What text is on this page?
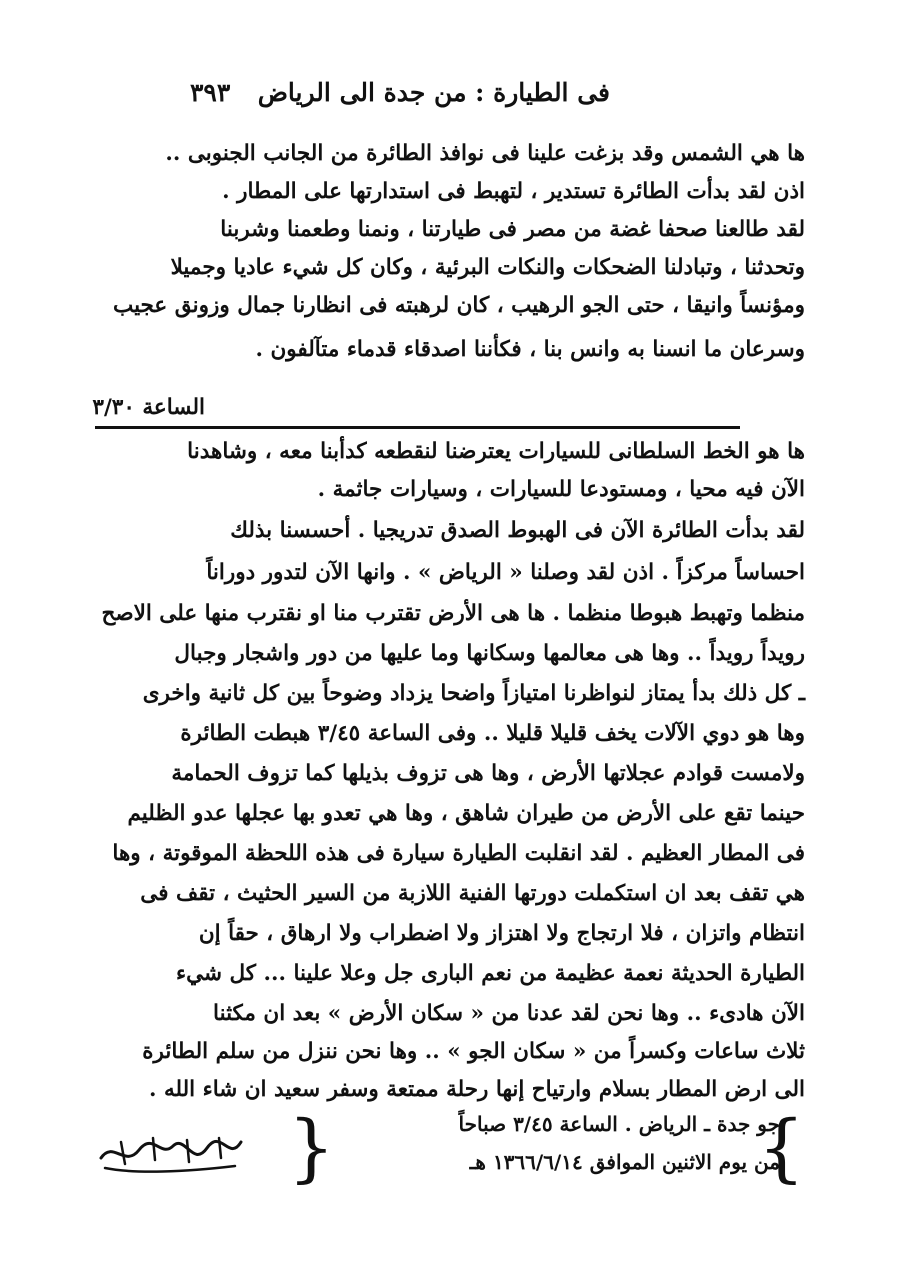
فى الطيارة : من جدة الى الرياض
٣٩٣
ها هي الشمس وقد بزغت علينا فى نوافذ الطائرة من الجانب الجنوبى ..
اذن لقد بدأت الطائرة تستدير ، لتهبط فى استدارتها على المطار .
لقد طالعنا صحفا غضة من مصر فى طيارتنا ، ونمنا وطعمنا وشربنا
وتحدثنا ، وتبادلنا الضحكات والنكات البرئية ، وكان كل شيء عاديا وجميلا
ومؤنساً وانيقا ، حتى الجو الرهيب ، كان لرهبته فى انظارنا جمال وزونق عجيب
وسرعان ما انسنا به وانس بنا ، فكأننا اصدقاء قدماء متآلفون .
الساعة ٣/٣٠
ها هو الخط السلطانى للسيارات يعترضنا لنقطعه كدأبنا معه ، وشاهدنا
الآن فيه محيا ، ومستودعا للسيارات ، وسيارات جاثمة .
لقد بدأت الطائرة الآن فى الهبوط الصدق تدريجيا . أحسسنا بذلك
احساساً مركزاً . اذن لقد وصلنا « الرياض » . وانها الآن لتدور دوراناً
منظما وتهبط هبوطا منظما . ها هى الأرض تقترب منا او نقترب منها على الاصح
رويداً رويداً .. وها هى معالمها وسكانها وما عليها من دور واشجار وجبال
ـ كل ذلك بدأ يمتاز لنواظرنا امتيازاً واضحا يزداد وضوحاً بين كل ثانية واخرى
وها هو دوي الآلات يخف قليلا قليلا .. وفى الساعة ٣/٤٥ هبطت الطائرة
ولامست قوادم عجلاتها الأرض ، وها هى تزوف بذيلها كما تزوف الحمامة
حينما تقع على الأرض من طيران شاهق ، وها هي تعدو بها عجلها عدو الظليم
فى المطار العظيم . لقد انقلبت الطيارة سيارة فى هذه اللحظة الموقوتة ، وها
هي تقف بعد ان استكملت دورتها الفنية اللازبة من السير الحثيث ، تقف فى
انتظام واتزان ، فلا ارتجاج ولا اهتزاز ولا اضطراب ولا ارهاق ، حقاً إن
الطيارة الحديثة نعمة عظيمة من نعم البارى جل وعلا علينا ... كل شيء
الآن هادىء .. وها نحن لقد عدنا من « سكان الأرض » بعد ان مكثنا
ثلاث ساعات وكسراً من « سكان الجو » .. وها نحن ننزل من سلم الطائرة
الى ارض المطار بسلام وارتياح إنها رحلة ممتعة وسفر سعيد ان شاء الله .
{	}
جو جدة ـ الرياض . الساعة ٣/٤٥ صباحاً
من يوم الاثنين الموافق ١٣٦٦/٦/١٤ هـ
